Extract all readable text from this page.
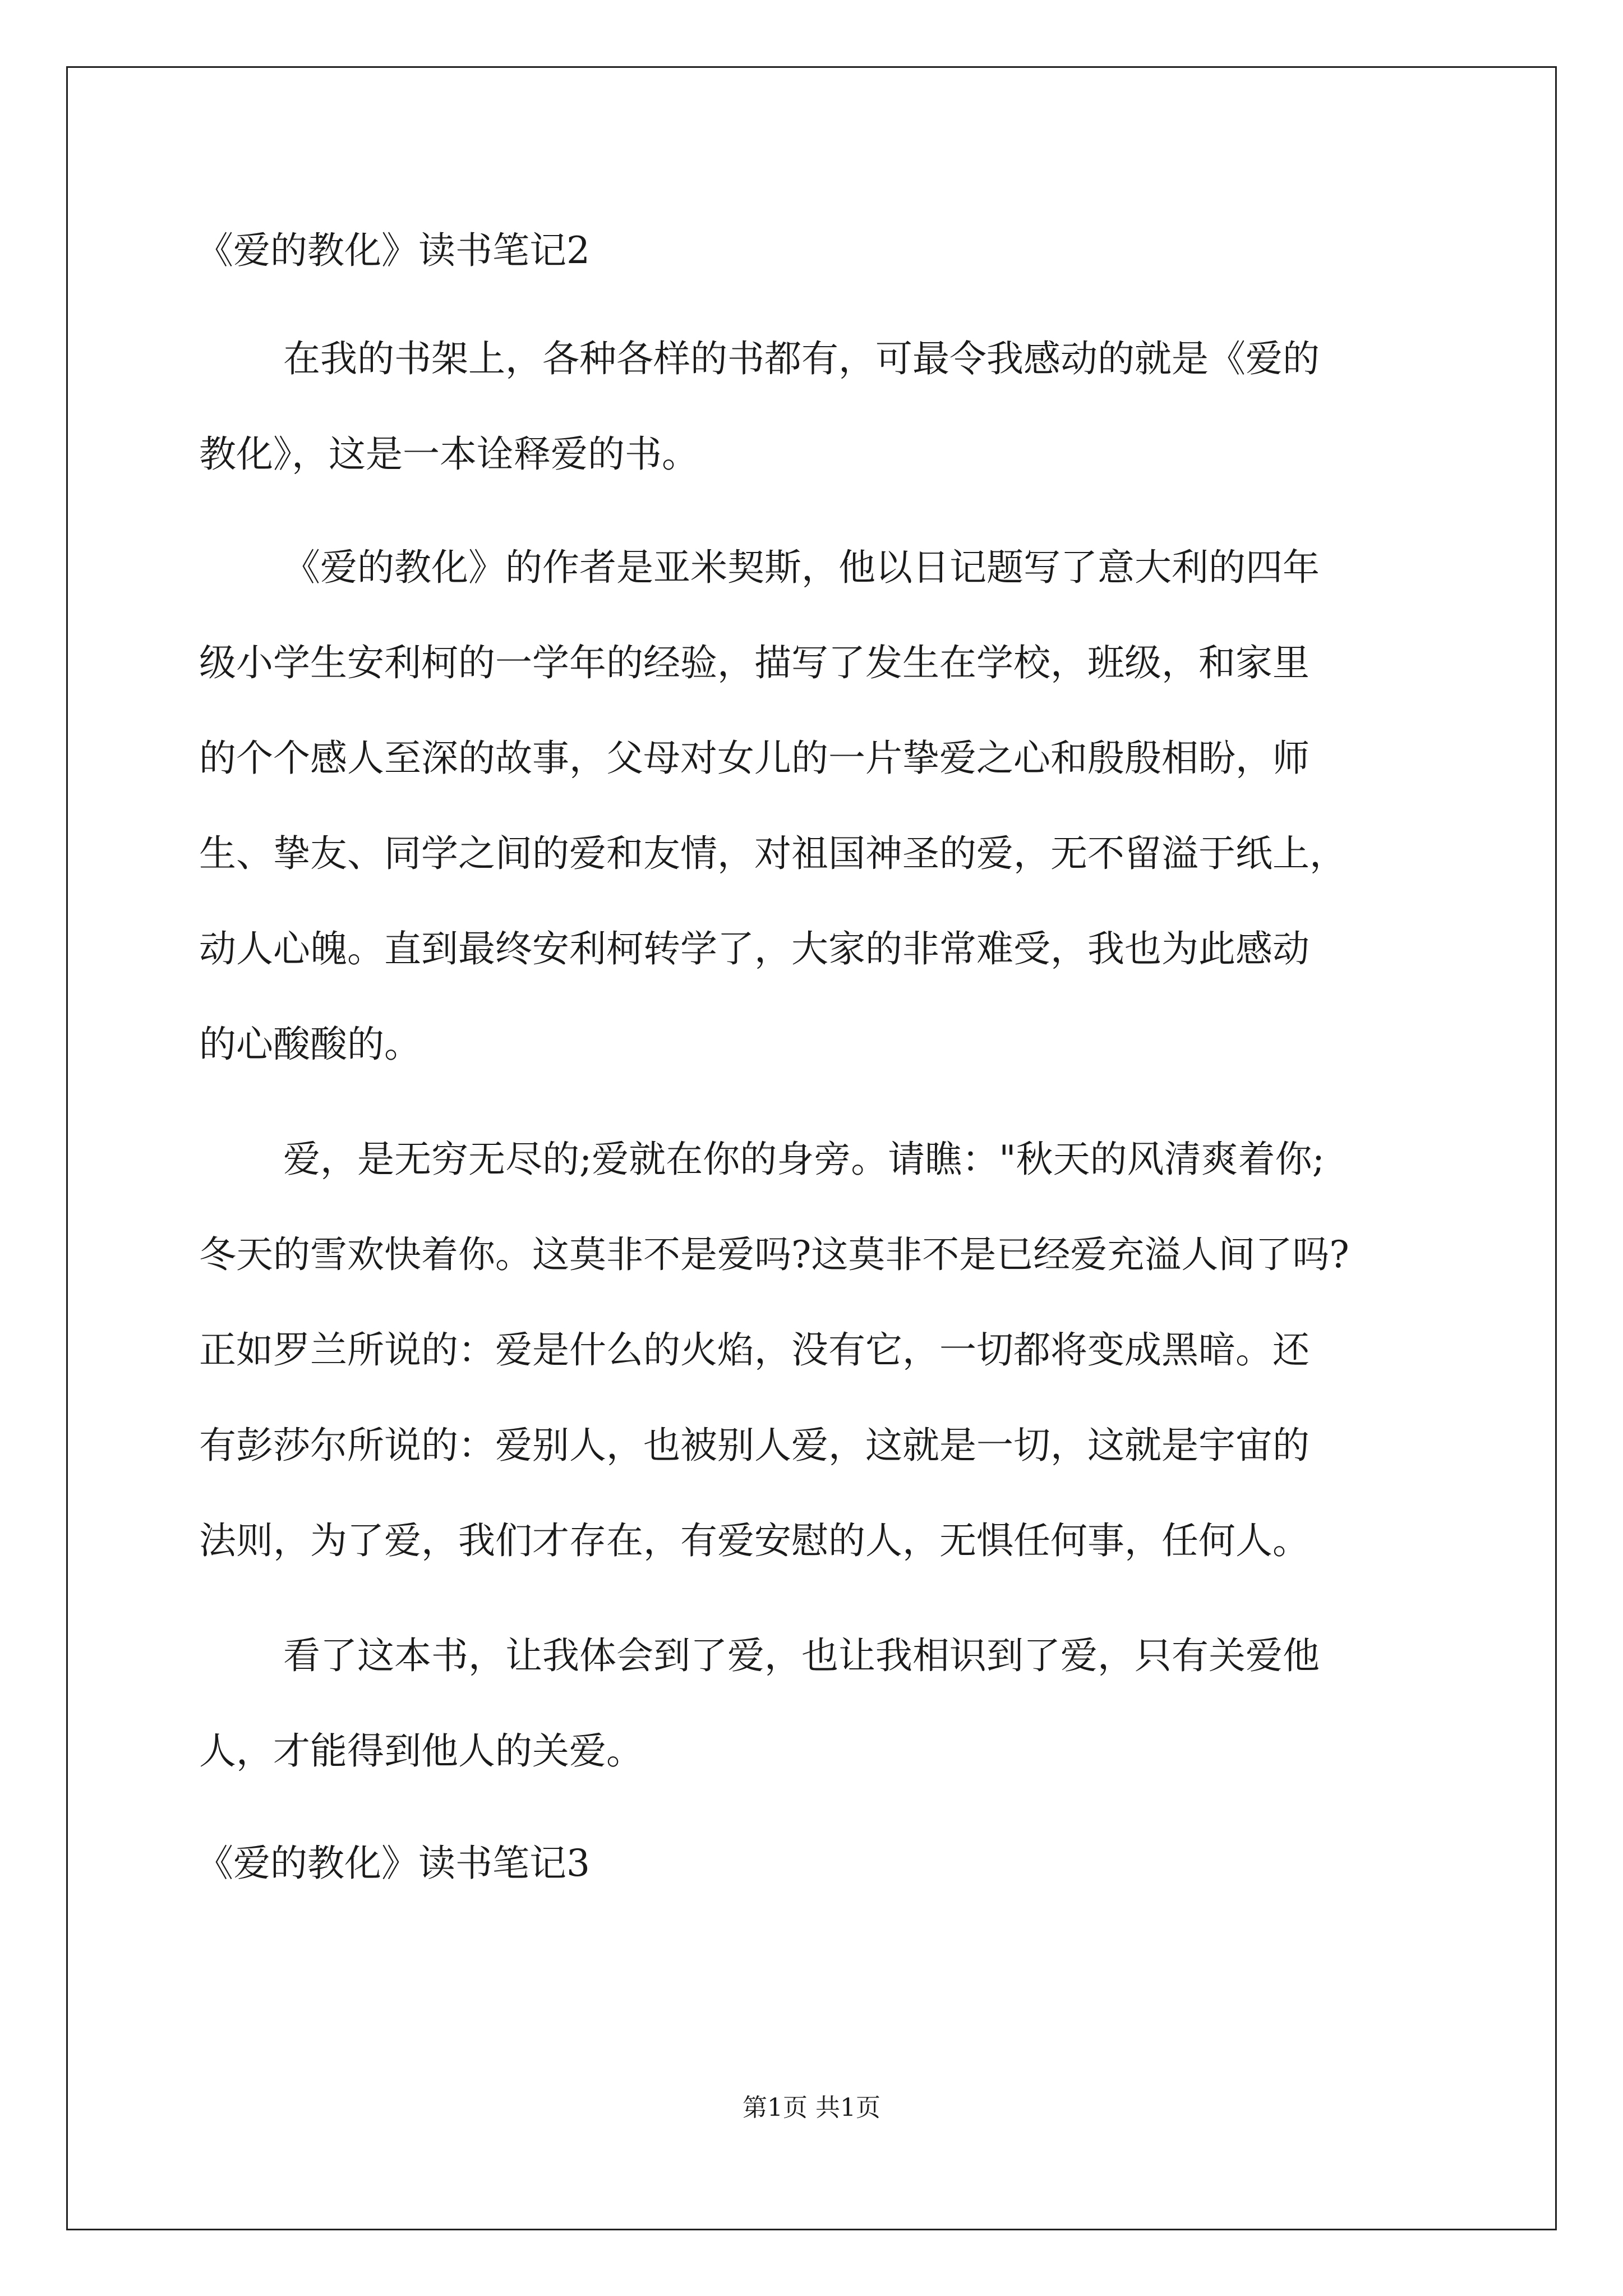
《爱的教化》读书笔记2
在我的书架上，各种各样的书都有，可最令我感动的就是《爱的
教化》，这是一本诠释爱的书。
《爱的教化》的作者是亚米契斯，他以日记题写了意大利的四年
级小学生安利柯的一学年的经验，描写了发生在学校，班级，和家里
的个个感人至深的故事，父母对女儿的一片挚爱之心和殷殷相盼，师
生、挚友、同学之间的爱和友情，对祖国神圣的爱，无不留溢于纸上，
动人心魄。直到最终安利柯转学了，大家的非常难受，我也为此感动
的心酸酸的。
爱，是无穷无尽的;爱就在你的身旁。请瞧："秋天的风清爽着你;
冬天的雪欢快着你。这莫非不是爱吗?这莫非不是已经爱充溢人间了吗?
正如罗兰所说的：爱是什么的火焰，没有它，一切都将变成黑暗。还
有彭莎尔所说的：爱别人，也被别人爱，这就是一切，这就是宇宙的
法则，为了爱，我们才存在，有爱安慰的人，无惧任何事，任何人。
看了这本书，让我体会到了爱，也让我相识到了爱，只有关爱他
人，才能得到他人的关爱。
《爱的教化》读书笔记3
第1页 共1页
